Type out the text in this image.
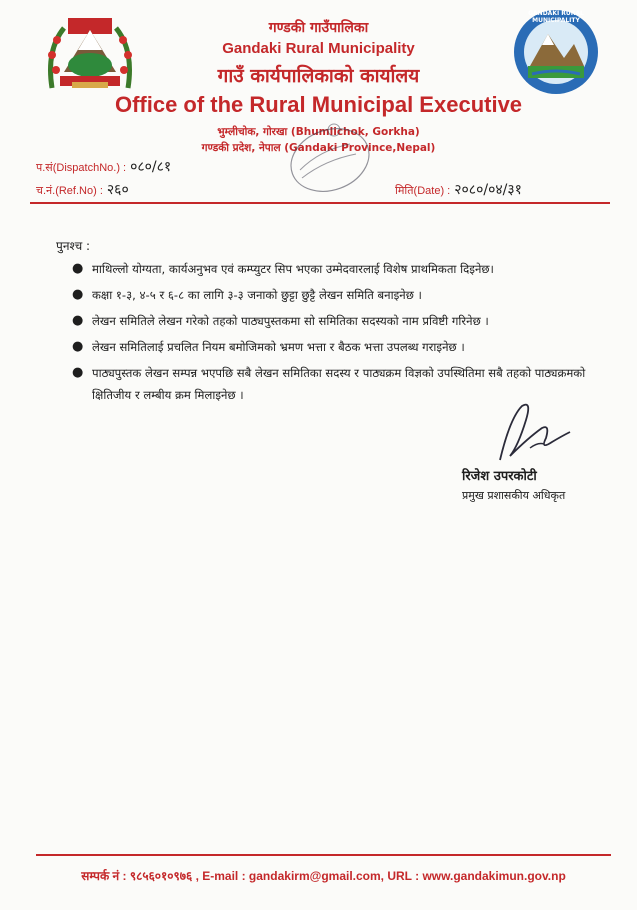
GANDAKI RURAL MUNICIPALITY
गण्डकी गाउँपालिका
Gandaki Rural Municipality
गाउँ कार्यपालिकाको कार्यालय
Office of the Rural Municipal Executive
भुम्लीचोक, गोरखा (Bhumlichok, Gorkha)
गण्डकी प्रदेश, नेपाल (Gandaki Province,Nepal)
प.सं(DispatchNo.) : ०८०/८१
च.नं.(Ref.No) : २६०	मिति(Date) : २०८०/०४/३१
पुनश्च :
● माथिल्लो योग्यता, कार्यअनुभव एवं कम्प्युटर सिप भएका उम्मेदवारलाई विशेष प्राथमिकता दिइनेछ।
● कक्षा १-३, ४-५ र ६-८ का लागि ३-३ जनाको छुट्टा छुट्टै लेखन समिति बनाइनेछ ।
● लेखन समितिले लेखन गरेको तहको पाठ्यपुस्तकमा सो समितिका सदस्यको नाम प्रविष्टी गरिनेछ ।
● लेखन समितिलाई प्रचलित नियम बमोजिमको भ्रमण भत्ता र बैठक भत्ता उपलब्ध गराइनेछ ।
● पाठ्यपुस्तक लेखन सम्पन्न भएपछि सबै लेखन समितिका सदस्य र पाठ्यक्रम विज्ञको उपस्थितिमा सबै तहको पाठ्यक्रमको क्षितिजीय र लम्बीय क्रम मिलाइनेछ ।
रिजेश उपरकोटी
प्रमुख प्रशासकीय अधिकृत
सम्पर्क नं : ९८५६०१०९७६ , E-mail : gandakirm@gmail.com, URL : www.gandakimun.gov.np
